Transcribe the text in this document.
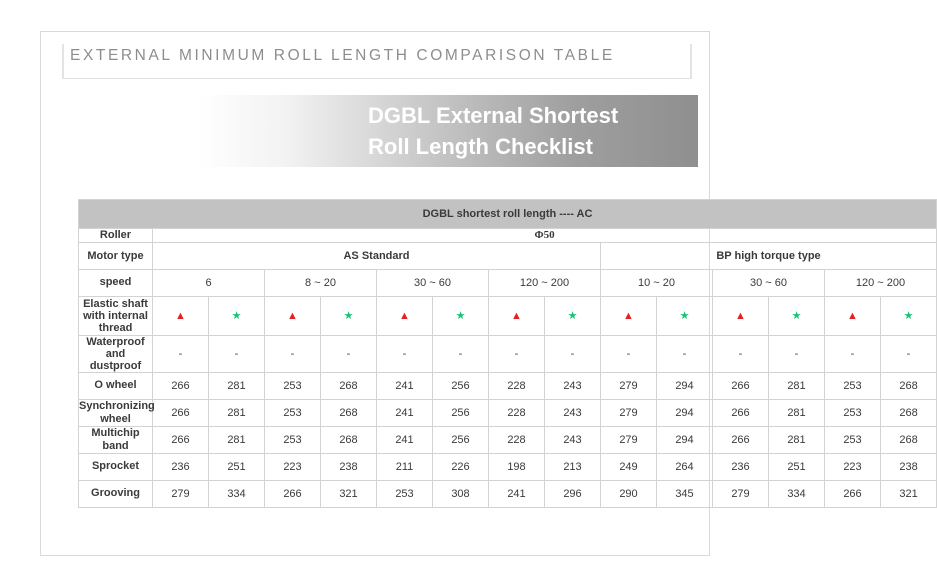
EXTERNAL MINIMUM ROLL LENGTH COMPARISON TABLE
DGBL External Shortest
Roll Length Checklist
DGBL shortest roll length ---- AC														
Roller	Φ50													
Motor type	AS Standard								BP high torque type					
speed	6		8 ~ 20		30 ~ 60		120 ~ 200		10 ~ 20		30 ~ 60		120 ~ 200	
Elastic shaft with internal thread	▲	★	▲	★	▲	★	▲	★	▲	★	▲	★	▲	★
Waterproof and dustproof	-	-	-	-	-	-	-	-	-	-	-	-	-	-
O wheel	266	281	253	268	241	256	228	243	279	294	266	281	253	268
Synchronizing wheel	266	281	253	268	241	256	228	243	279	294	266	281	253	268
Multichip band	266	281	253	268	241	256	228	243	279	294	266	281	253	268
Sprocket	236	251	223	238	211	226	198	213	249	264	236	251	223	238
Grooving	279	334	266	321	253	308	241	296	290	345	279	334	266	321
